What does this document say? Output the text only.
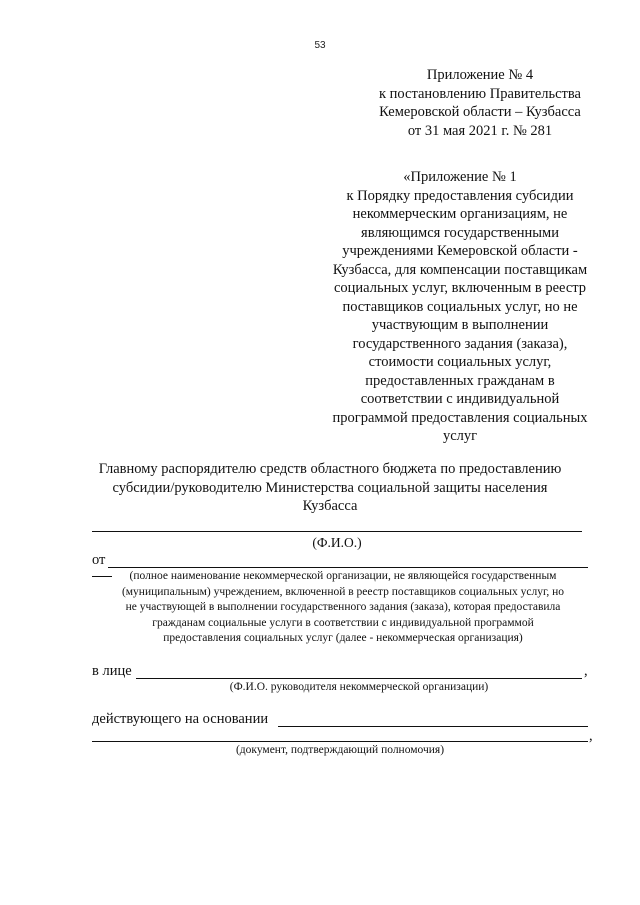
53
Приложение № 4
к постановлению Правительства
Кемеровской области – Кузбасса
от 31 мая 2021 г. № 281
«Приложение № 1
к Порядку предоставления субсидии
некоммерческим организациям, не
являющимся государственными
учреждениями Кемеровской области -
Кузбасса, для компенсации поставщикам
социальных услуг, включенным в реестр
поставщиков социальных услуг, но не
участвующим в выполнении
государственного задания (заказа),
стоимости социальных услуг,
предоставленных гражданам в
соответствии с индивидуальной
программой предоставления социальных
услуг
Главному распорядителю средств областного бюджета по предоставлению
субсидии/руководителю Министерства социальной защиты населения
Кузбасса
(Ф.И.О.)
от
(полное наименование некоммерческой организации, не являющейся государственным
(муниципальным) учреждением, включенной в реестр поставщиков социальных услуг, но
не участвующей в выполнении государственного задания (заказа), которая предоставила
гражданам социальные услуги в соответствии с индивидуальной программой
предоставления социальных услуг (далее - некоммерческая организация)
в лице	,
(Ф.И.О. руководителя некоммерческой организации)
действующего на основании
,
(документ, подтверждающий полномочия)
